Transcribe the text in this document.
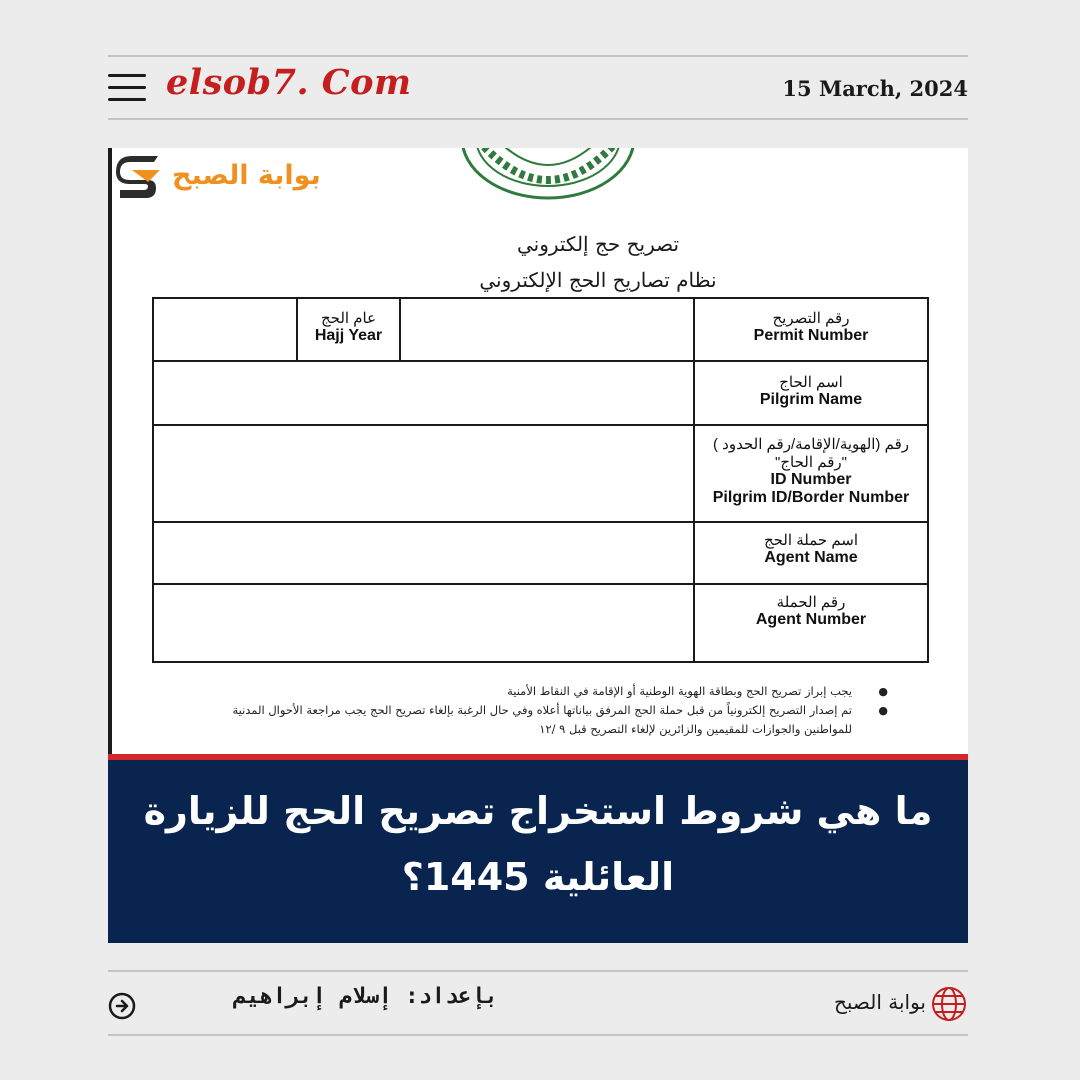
elsob7. Com	15 March, 2024
بوابة الصبح
تصريح حج إلكتروني
نظام تصاريح الحج الإلكتروني
رقم التصريح
Permit Number
عام الحج
Hajj Year
اسم الحاج
Pilgrim Name
رقم (الهوية/الإقامة/رقم الحدود )
"رقم الحاج"
ID Number
Pilgrim ID/Border Number
اسم حملة الحج
Agent Name
رقم الحملة
Agent Number
● يجب إبراز تصريح الحج وبطاقة الهوية الوطنية أو الإقامة في النقاط الأمنية
● تم إصدار التصريح إلكترونياً من قبل حملة الحج المرفق بياناتها أعلاه وفي حال الرغبة بإلغاء تصريح الحج يجب مراجعة الأحوال المدنية للمواطنين والجوازات للمقيمين والزائرين لإلغاء التصريح قبل ٩ /١٢
ما هي شروط استخراج تصريح الحج للزيارة العائلية 1445؟
بإعداد: إسلام إبراهيم	بوابة الصبح
